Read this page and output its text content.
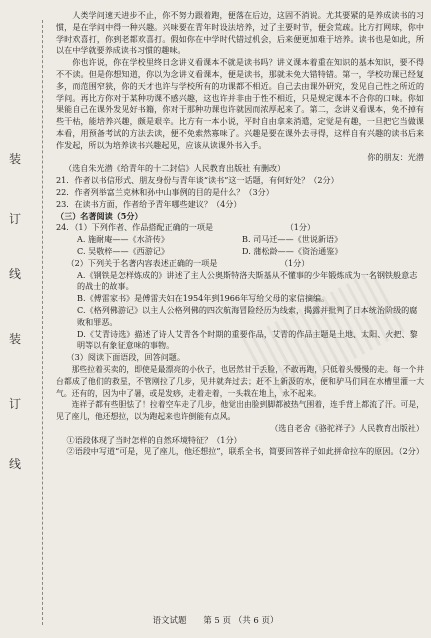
装
订
线
装
订
线

人类学问速天进步不止，你不努力跟着跑，便落在后边，这固不消说。尤其要紧的是养成读书的习惯，是在学问中得一种兴趣。兴味要在青年时设法培养，过了主要时节，便会荒疏。比方打网球，你中学时欢喜打，你到老都欢喜打。假如你在中学时代错过机会，后来便更加难于培养。读书也是如此，所以在中学就要养成读书习惯的趣味。

你也许说，你在学校里终日念讲义看课本不就是读书吗？讲义课本着重在知识的基本知识，要不得不不读。但是你想知道，你以为念讲义看课本，便是读书，那就未免大错特错。第一，学校功课已经复多，而范围窄狭，你的天才也许与学校所有的功课都不相近。自己去由课外研究，发见自己性之所近的学问。再比方你对于某种功课不感兴趣，这也许并非由于性不相近，只是规定课本不合你的口味。你如果能自己在课外发见好书籍，你对于那种功课也许就因而浓厚起来了。第二，念讲义看课本，免不掉有些干枯，能培养兴趣，颇是艰辛。比方有一本小说，平时自由拿来消遣，定觉是有趣，一旦把它当做课本看，用预备考试的方法去读，便不免索然寡味了。兴趣是要在课外去寻得，这样自有兴趣的读书后来作发起，所以为培养读书兴趣起见，应该从读课外书入手。

你的朋友：光潜

（选自朱光潜《给青年的十二封信》人民教育出版社 有删改）

21．作者以书信形式、朋友身份与青年谈“读书”这一话题，有何好处？（2分）

22．作者列举富兰克林和孙中山事例的目的是什么？（3分）

23．在读书方面，作者给予青年哪些建议？（4分）

（三）名著阅读（5分）

24．（1）下列作者、作品搭配正确的一项是	（1分）

A. 施耐庵——《水浒传》	B. 司马迁——《世说新语》
C. 吴敬梓——《西游记》	D. 蒲松龄——《资治通鉴》

（2）下列关于名著内容表述正确的一项是	（1分）

A.《钢铁是怎样炼成的》讲述了主人公奥斯特洛夫斯基从不懂事的少年锻炼成为一名钢铁般意志的战士的故事。

B.《傅雷家书》是傅雷夫妇在1954年到1966年写给父母的家信摘编。

C.《格列佛游记》以主人公格列佛的四次航海冒险经历为线索，揭露并批判了日本统治阶级的腐败和罪恶。

D.《艾青诗选》描述了诗人艾青各个时期的重要作品，艾青的作品主题是土地、太阳、火把、黎明等以有象征意味的事物。

（3）阅读下面语段，回答问题。

那些拉着买卖的，即使是最漂亮的小伙子，也居然甘于丢脸，不敢再跑，只低着头慢慢的走。每一个井台都成了他们的救星，不管刚拉了几步，见井就奔过去；赶不上新汲的水，便和驴马们同在水槽里灌一大气。还有的，因为中了暑，或是发痧，走着走着，一头栽在地上，永不起来。

连祥子都有些胆怯了！拉着空车走了几步，他觉出由脸到脚都被热气围着，连手背上都流了汗。可是，见了座儿，他还想拉，以为跑起来也许倒能有点风。

（选自老舍《骆驼祥子》人民教育出版社）

①语段体现了当时怎样的自然环境特征？（1分）

②语段中写道“可是，见了座儿，他还想拉”，联系全书，简要回答祥子如此拼命拉车的原因。（2分）

语文试题 第 5 页 （共 6 页）
